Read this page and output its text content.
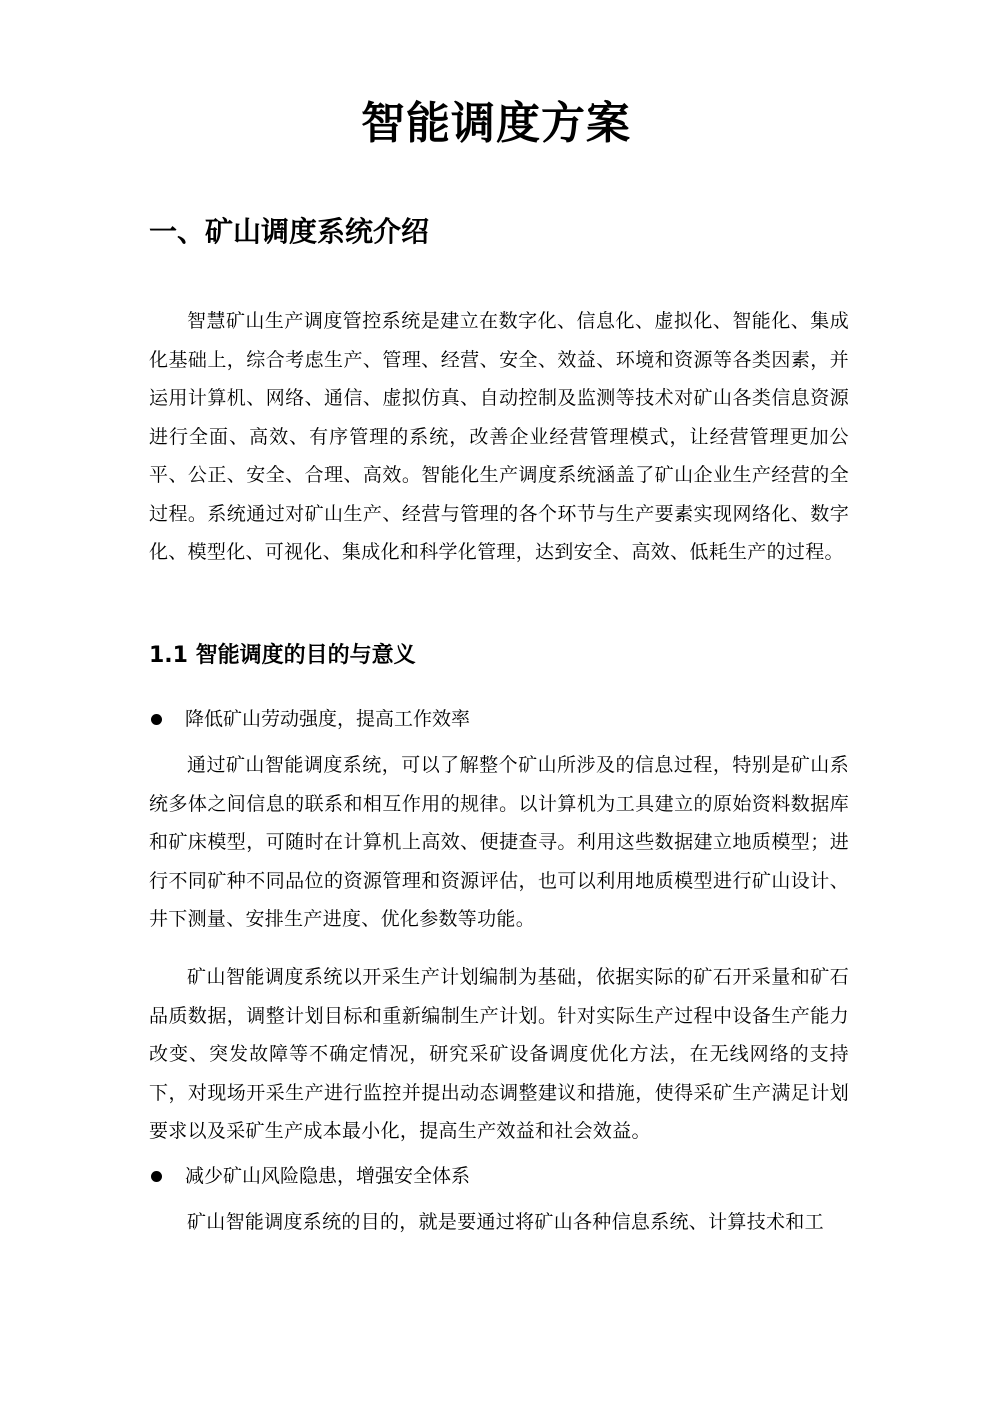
智能调度方案
一、矿山调度系统介绍
智慧矿山生产调度管控系统是建立在数字化、信息化、虚拟化、智能化、集成化基础上，综合考虑生产、管理、经营、安全、效益、环境和资源等各类因素，并运用计算机、网络、通信、虚拟仿真、自动控制及监测等技术对矿山各类信息资源进行全面、高效、有序管理的系统，改善企业经营管理模式，让经营管理更加公平、公正、安全、合理、高效。智能化生产调度系统涵盖了矿山企业生产经营的全过程。系统通过对矿山生产、经营与管理的各个环节与生产要素实现网络化、数字化、模型化、可视化、集成化和科学化管理，达到安全、高效、低耗生产的过程。
1.1 智能调度的目的与意义
降低矿山劳动强度，提高工作效率
通过矿山智能调度系统，可以了解整个矿山所涉及的信息过程，特别是矿山系统多体之间信息的联系和相互作用的规律。以计算机为工具建立的原始资料数据库和矿床模型，可随时在计算机上高效、便捷查寻。利用这些数据建立地质模型；进行不同矿种不同品位的资源管理和资源评估，也可以利用地质模型进行矿山设计、井下测量、安排生产进度、优化参数等功能。
矿山智能调度系统以开采生产计划编制为基础，依据实际的矿石开采量和矿石品质数据，调整计划目标和重新编制生产计划。针对实际生产过程中设备生产能力改变、突发故障等不确定情况，研究采矿设备调度优化方法，在无线网络的支持下，对现场开采生产进行监控并提出动态调整建议和措施，使得采矿生产满足计划要求以及采矿生产成本最小化，提高生产效益和社会效益。
减少矿山风险隐患，增强安全体系
矿山智能调度系统的目的，就是要通过将矿山各种信息系统、计算技术和工
